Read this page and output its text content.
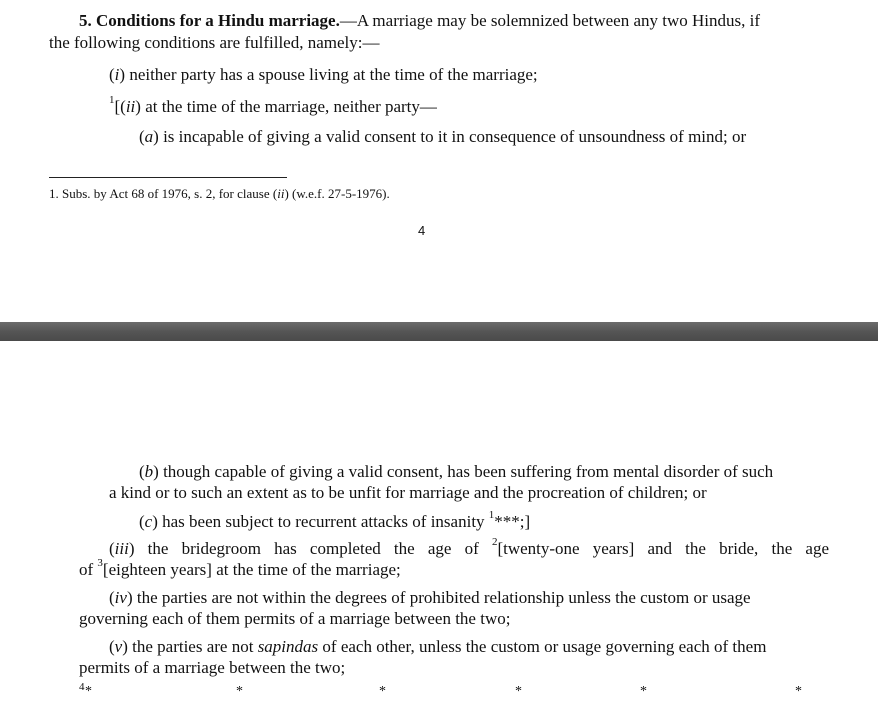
5. Conditions for a Hindu marriage.—A marriage may be solemnized between any two Hindus, if
the following conditions are fulfilled, namely:—
(i) neither party has a spouse living at the time of the marriage;
$^1$[(ii) at the time of the marriage, neither party—
(a) is incapable of giving a valid consent to it in consequence of unsoundness of mind; or
1. Subs. by Act 68 of 1976, s. 2, for clause (ii) (w.e.f. 27-5-1976).
4
(b) though capable of giving a valid consent, has been suffering from mental disorder of such
a kind or to such an extent as to be unfit for marriage and the procreation of children; or
(c) has been subject to recurrent attacks of insanity $^1$***;]
(iii) the bridegroom has completed the age of $^2$[twenty-one years] and the bride, the age
of $^3$[eighteen years] at the time of the marriage;
(iv) the parties are not within the degrees of prohibited relationship unless the custom or usage
governing each of them permits of a marriage between the two;
(v) the parties are not sapindas of each other, unless the custom or usage governing each of them
permits of a marriage between the two;
4 *	*	*	*	*	*
